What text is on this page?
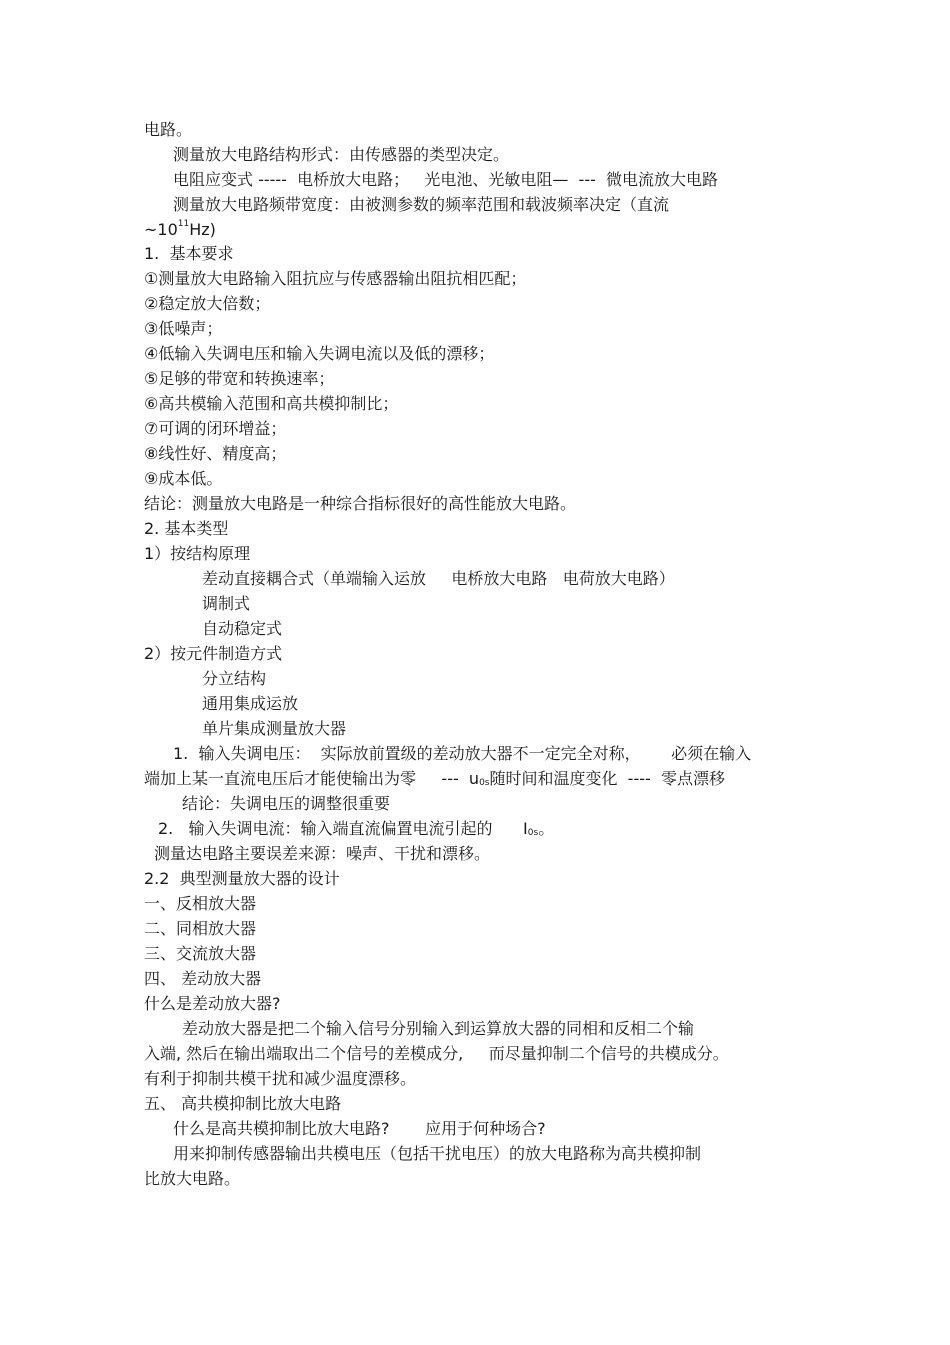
电路。
测量放大电路结构形式：由传感器的类型决定。
电阻应变式 -----  电桥放大电路；   光电池、光敏电阻—  ---  微电流放大电路
测量放大电路频带宽度：由被测参数的频率范围和载波频率决定（直流
$\sim 10^{11}Hz$)
1.  基本要求
①测量放大电路输入阻抗应与传感器输出阻抗相匹配；
②稳定放大倍数；
③低噪声；
④低输入失调电压和输入失调电流以及低的漂移；
⑤足够的带宽和转换速率；
⑥高共模输入范围和高共模抑制比；
⑦可调的闭环增益；
⑧线性好、精度高；
⑨成本低。
结论：测量放大电路是一种综合指标很好的高性能放大电路。
2. 基本类型
1）按结构原理
差动直接耦合式（单端输入运放     电桥放大电路   电荷放大电路）
调制式
自动稳定式
2）按元件制造方式
分立结构
通用集成运放
单片集成测量放大器
1.  输入失调电压：  实际放前置级的差动放大器不一定完全对称，      必须在输入
端加上某一直流电压后才能使输出为零     ---  u0s随时间和温度变化  ----  零点漂移
结论：失调电压的调整很重要
2.   输入失调电流：输入端直流偏置电流引起的      I0s。
测量达电路主要误差来源：噪声、干扰和漂移。
2.2  典型测量放大器的设计
一、反相放大器
二、同相放大器
三、交流放大器
四、 差动放大器
什么是差动放大器?
差动放大器是把二个输入信号分别输入到运算放大器的同相和反相二个输
入端, 然后在输出端取出二个信号的差模成分,     而尽量抑制二个信号的共模成分。
有利于抑制共模干扰和减少温度漂移。
五、 高共模抑制比放大电路
什么是高共模抑制比放大电路?       应用于何种场合?
用来抑制传感器输出共模电压（包括干扰电压）的放大电路称为高共模抑制
比放大电路。
